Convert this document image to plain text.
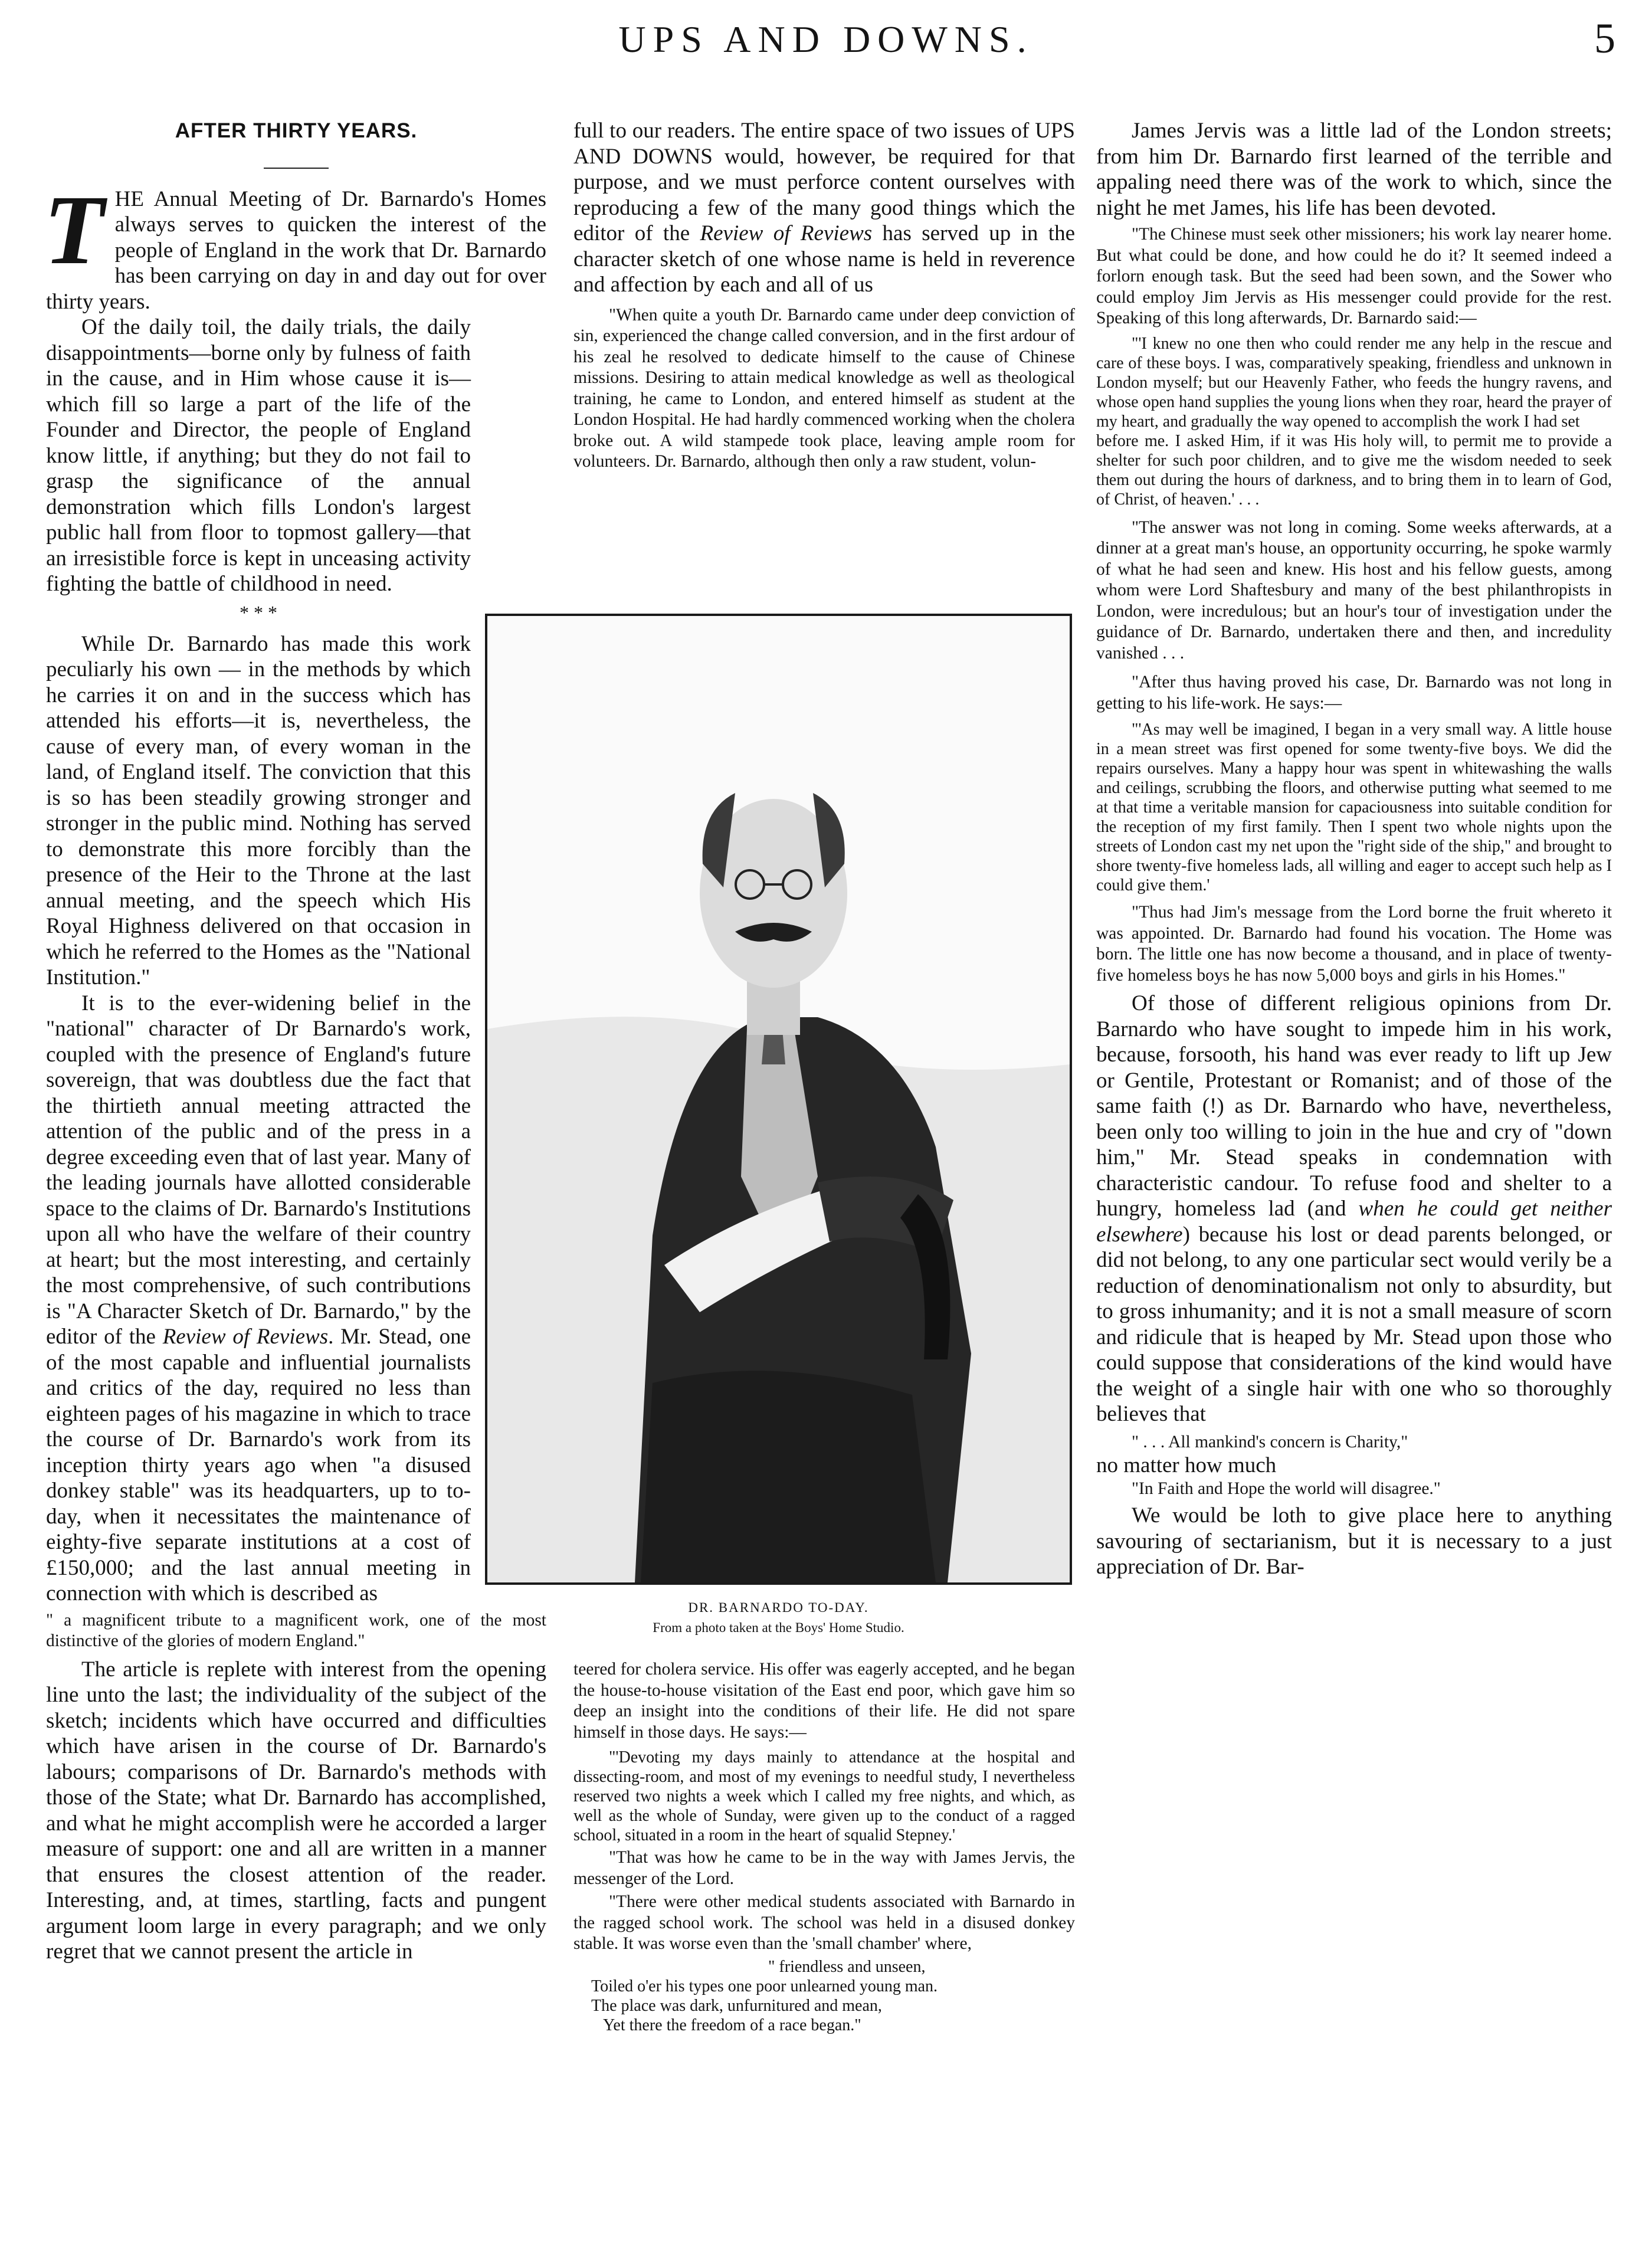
UPS AND DOWNS.	5
AFTER THIRTY YEARS.

T HE Annual Meeting of Dr. Barnardo's Homes always serves to quicken the interest of the people of England in the work that Dr. Barnardo has been carrying on day in and day out for over thirty years.

Of the daily toil, the daily trials, the daily disappointments—borne only by fulness of faith in the cause, and in Him whose cause it is—which fill so large a part of the life of the Founder and Director, the people of England know little, if anything; but they do not fail to grasp the significance of the annual demonstration which fills London's largest public hall from floor to topmost gallery—that an irresistible force is kept in unceasing activity fighting the battle of childhood in need.

* * *

While Dr. Barnardo has made this work peculiarly his own — in the methods by which he carries it on and in the success which has attended his efforts—it is, nevertheless, the cause of every man, of every woman in the land, of England itself. The conviction that this is so has been steadily growing stronger and stronger in the public mind. Nothing has served to demonstrate this more forcibly than the presence of the Heir to the Throne at the last annual meeting, and the speech which His Royal Highness delivered on that occasion in which he referred to the Homes as the "National Institution."

It is to the ever-widening belief in the "national" character of Dr Barnardo's work, coupled with the presence of England's future sovereign, that was doubtless due the fact that the thirtieth annual meeting attracted the attention of the public and of the press in a degree exceeding even that of last year. Many of the leading journals have allotted considerable space to the claims of Dr. Barnardo's Institutions upon all who have the welfare of their country at heart; but the most interesting, and certainly the most comprehensive, of such contributions is "A Character Sketch of Dr. Barnardo," by the editor of the Review of Reviews. Mr. Stead, one of the most capable and influential journalists and critics of the day, required no less than eighteen pages of his magazine in which to trace the course of Dr. Barnardo's work from its inception thirty years ago when "a disused donkey stable" was its headquarters, up to to-day, when it necessitates the maintenance of eighty-five separate institutions at a cost of £150,000; and the last annual meeting in connection with which is described as

" a magnificent tribute to a magnificent work, one of the most distinctive of the glories of modern England."

The article is replete with interest from the opening line unto the last; the individuality of the subject of the sketch; incidents which have occurred and difficulties which have arisen in the course of Dr. Barnardo's labours; comparisons of Dr. Barnardo's methods with those of the State; what Dr. Barnardo has accomplished, and what he might accomplish were he accorded a larger measure of support: one and all are written in a manner that ensures the closest attention of the reader. Interesting, and, at times, startling, facts and pungent argument loom large in every paragraph; and we only regret that we cannot present the article in

full to our readers. The entire space of two issues of UPS AND DOWNS would, however, be required for that purpose, and we must perforce content ourselves with reproducing a few of the many good things which the editor of the Review of Reviews has served up in the character sketch of one whose name is held in reverence and affection by each and all of us

"When quite a youth Dr. Barnardo came under deep conviction of sin, experienced the change called conversion, and in the first ardour of his zeal he resolved to dedicate himself to the cause of Chinese missions. Desiring to attain medical knowledge as well as theological training, he came to London, and entered himself as student at the London Hospital. He had hardly commenced working when the cholera broke out. A wild stampede took place, leaving ample room for volunteers. Dr. Barnardo, although then only a raw student, volun-

DR. BARNARDO TO-DAY.
From a photo taken at the Boys' Home Studio.

teered for cholera service. His offer was eagerly accepted, and he began the house-to-house visitation of the East end poor, which gave him so deep an insight into the conditions of their life. He did not spare himself in those days. He says:—

"'Devoting my days mainly to attendance at the hospital and dissecting-room, and most of my evenings to needful study, I nevertheless reserved two nights a week which I called my free nights, and which, as well as the whole of Sunday, were given up to the conduct of a ragged school, situated in a room in the heart of squalid Stepney.'

"That was how he came to be in the way with James Jervis, the messenger of the Lord.

"There were other medical students associated with Barnardo in the ragged school work. The school was held in a disused donkey stable. It was worse even than the 'small chamber' where,

" friendless and unseen,
Toiled o'er his types one poor unlearned young man.
The place was dark, unfurnitured and mean,
Yet there the freedom of a race began."

James Jervis was a little lad of the London streets; from him Dr. Barnardo first learned of the terrible and appaling need there was of the work to which, since the night he met James, his life has been devoted.

"The Chinese must seek other missioners; his work lay nearer home. But what could be done, and how could he do it? It seemed indeed a forlorn enough task. But the seed had been sown, and the Sower who could employ Jim Jervis as His messenger could provide for the rest. Speaking of this long afterwards, Dr. Barnardo said:—

"'I knew no one then who could render me any help in the rescue and care of these boys. I was, comparatively speaking, friendless and unknown in London myself; but our Heavenly Father, who feeds the hungry ravens, and whose open hand supplies the young lions when they roar, heard the prayer of my heart, and gradually the way opened to accomplish the work I had set

before me. I asked Him, if it was His holy will, to permit me to provide a shelter for such poor children, and to give me the wisdom needed to seek them out during the hours of darkness, and to bring them in to learn of God, of Christ, of heaven.' . . .

"The answer was not long in coming. Some weeks afterwards, at a dinner at a great man's house, an opportunity occurring, he spoke warmly of what he had seen and knew. His host and his fellow guests, among whom were Lord Shaftesbury and many of the best philanthropists in London, were incredulous; but an hour's tour of investigation under the guidance of Dr. Barnardo, undertaken there and then, and incredulity vanished . . .

"After thus having proved his case, Dr. Barnardo was not long in getting to his life-work. He says:—

"'As may well be imagined, I began in a very small way. A little house in a mean street was first opened for some twenty-five boys. We did the repairs ourselves. Many a happy hour was spent in whitewashing the walls and ceilings, scrubbing the floors, and otherwise putting what seemed to me at that time a veritable mansion for capaciousness into suitable condition for the reception of my first family. Then I spent two whole nights upon the streets of London cast my net upon the "right side of the ship," and brought to shore twenty-five homeless lads, all willing and eager to accept such help as I could give them.'

"Thus had Jim's message from the Lord borne the fruit whereto it was appointed. Dr. Barnardo had found his vocation. The Home was born. The little one has now become a thousand, and in place of twenty-five homeless boys he has now 5,000 boys and girls in his Homes."

Of those of different religious opinions from Dr. Barnardo who have sought to impede him in his work, because, forsooth, his hand was ever ready to lift up Jew or Gentile, Protestant or Romanist; and of those of the same faith (!) as Dr. Barnardo who have, nevertheless, been only too willing to join in the hue and cry of "down him," Mr. Stead speaks in condemnation with characteristic candour. To refuse food and shelter to a hungry, homeless lad (and when he could get neither elsewhere) because his lost or dead parents belonged, or did not belong, to any one particular sect would verily be a reduction of denominationalism not only to absurdity, but to gross inhumanity; and it is not a small measure of scorn and ridicule that is heaped by Mr. Stead upon those who could suppose that considerations of the kind would have the weight of a single hair with one who so thoroughly believes that

" . . . All mankind's concern is Charity,"

no matter how much

"In Faith and Hope the world will disagree."

We would be loth to give place here to anything savouring of sectarianism, but it is necessary to a just appreciation of Dr. Bar-
